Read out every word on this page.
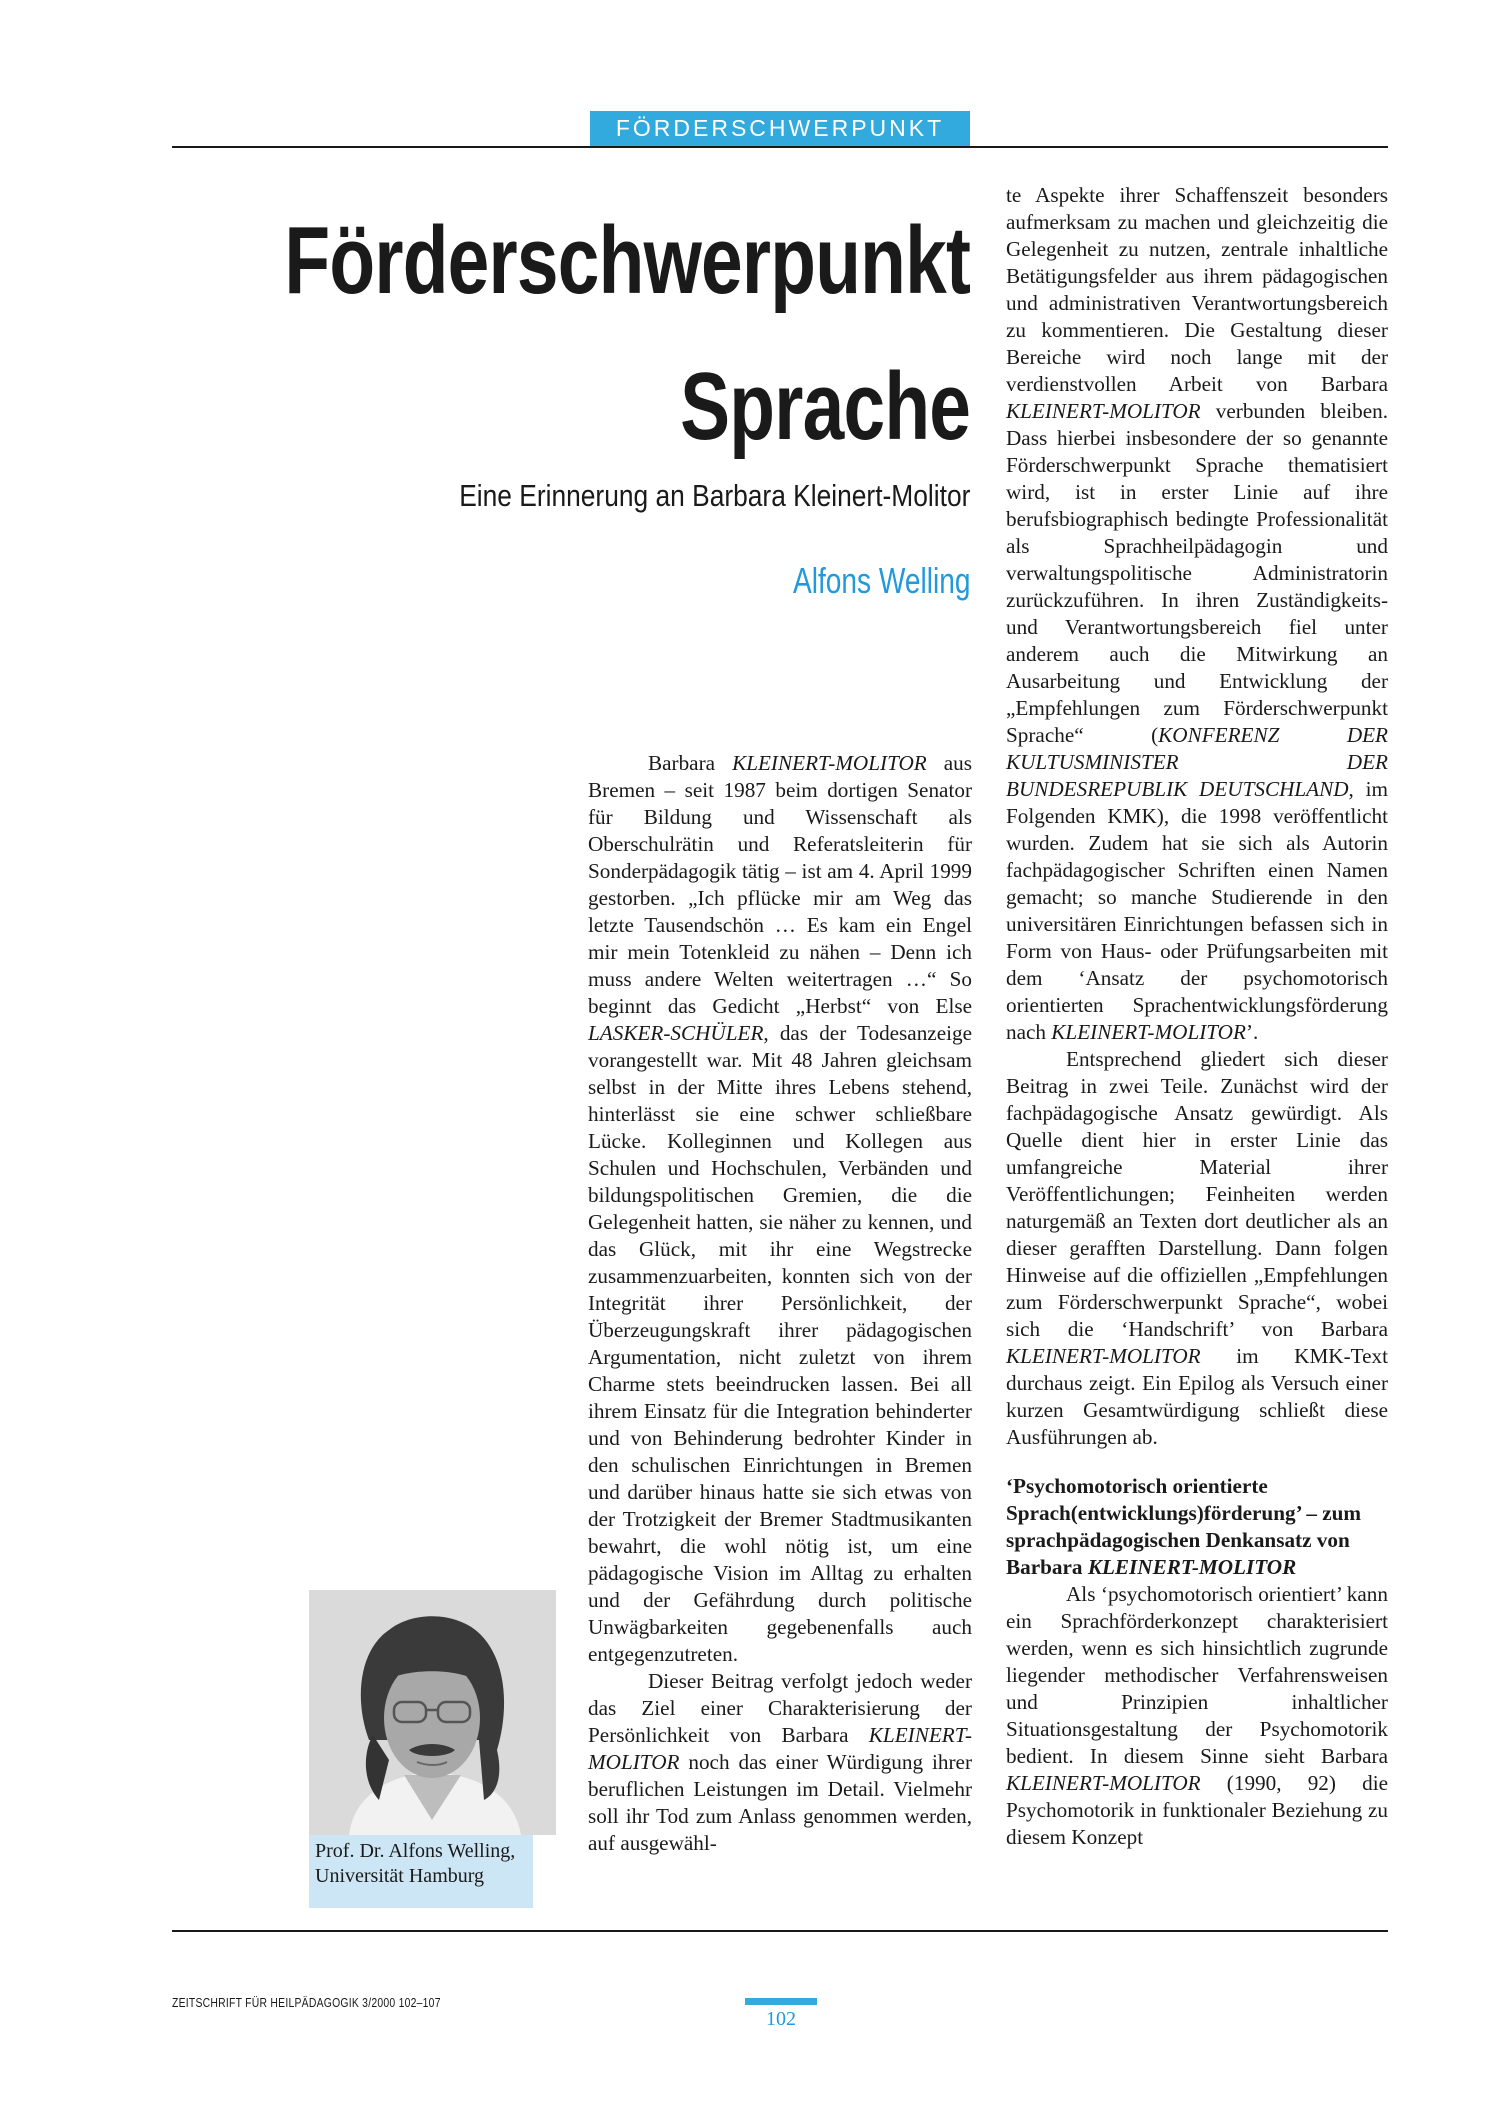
FÖRDERSCHWERPUNKT SPRACHE
Förderschwerpunkt
Sprache
Eine Erinnerung an Barbara Kleinert-Molitor
Alfons Welling

Barbara KLEINERT-MOLITOR aus Bremen – seit 1987 beim dortigen Senator für Bildung und Wissenschaft als Oberschulrätin und Referatsleiterin für Sonderpädagogik tätig – ist am 4. April 1999 gestorben. „Ich pflücke mir am Weg das letzte Tausendschön … Es kam ein Engel mir mein Totenkleid zu nähen – Denn ich muss andere Welten weitertragen …“ So beginnt das Gedicht „Herbst“ von Else LASKER-SCHÜLER, das der Todesanzeige vorangestellt war. Mit 48 Jahren gleichsam selbst in der Mitte ihres Lebens stehend, hinterlässt sie eine schwer schließbare Lücke. Kolleginnen und Kollegen aus Schulen und Hochschulen, Verbänden und bildungspolitischen Gremien, die die Gelegenheit hatten, sie näher zu kennen, und das Glück, mit ihr eine Wegstrecke zusammenzuarbeiten, konnten sich von der Integrität ihrer Persönlichkeit, der Überzeugungskraft ihrer pädagogischen Argumentation, nicht zuletzt von ihrem Charme stets beeindrucken lassen. Bei all ihrem Einsatz für die Integration behinderter und von Behinderung bedrohter Kinder in den schulischen Einrichtungen in Bremen und darüber hinaus hatte sie sich etwas von der Trotzigkeit der Bremer Stadtmusikanten bewahrt, die wohl nötig ist, um eine pädagogische Vision im Alltag zu erhalten und der Gefährdung durch politische Unwägbarkeiten gegebenenfalls auch entgegenzutreten.

Dieser Beitrag verfolgt jedoch weder das Ziel einer Charakterisierung der Persönlichkeit von Barbara KLEINERT-MOLITOR noch das einer Würdigung ihrer beruflichen Leistungen im Detail. Vielmehr soll ihr Tod zum Anlass genommen werden, auf ausgewähl-

te Aspekte ihrer Schaffenszeit besonders aufmerksam zu machen und gleichzeitig die Gelegenheit zu nutzen, zentrale inhaltliche Betätigungsfelder aus ihrem pädagogischen und administrativen Verantwortungsbereich zu kommentieren. Die Gestaltung dieser Bereiche wird noch lange mit der verdienstvollen Arbeit von Barbara KLEINERT-MOLITOR verbunden bleiben. Dass hierbei insbesondere der so genannte Förderschwerpunkt Sprache thematisiert wird, ist in erster Linie auf ihre berufsbiographisch bedingte Professionalität als Sprachheilpädagogin und verwaltungspolitische Administratorin zurückzuführen. In ihren Zuständigkeits- und Verantwortungsbereich fiel unter anderem auch die Mitwirkung an Ausarbeitung und Entwicklung der „Empfehlungen zum Förderschwerpunkt Sprache“ (KONFERENZ DER KULTUSMINISTER DER BUNDESREPUBLIK DEUTSCHLAND, im Folgenden KMK), die 1998 veröffentlicht wurden. Zudem hat sie sich als Autorin fachpädagogischer Schriften einen Namen gemacht; so manche Studierende in den universitären Einrichtungen befassen sich in Form von Haus- oder Prüfungsarbeiten mit dem ‘Ansatz der psychomotorisch orientierten Sprachentwicklungsförderung nach KLEINERT-MOLITOR’.

Entsprechend gliedert sich dieser Beitrag in zwei Teile. Zunächst wird der fachpädagogische Ansatz gewürdigt. Als Quelle dient hier in erster Linie das umfangreiche Material ihrer Veröffentlichungen; Feinheiten werden naturgemäß an Texten dort deutlicher als an dieser gerafften Darstellung. Dann folgen Hinweise auf die offiziellen „Empfehlungen zum Förderschwerpunkt Sprache“, wobei sich die ‘Handschrift’ von Barbara KLEINERT-MOLITOR im KMK-Text durchaus zeigt. Ein Epilog als Versuch einer kurzen Gesamtwürdigung schließt diese Ausführungen ab.

‘Psychomotorisch orientierte Sprach(entwicklungs)förderung’ – zum sprachpädagogischen Denkansatz von Barbara KLEINERT-MOLITOR

Als ‘psychomotorisch orientiert’ kann ein Sprachförderkonzept charakterisiert werden, wenn es sich hinsichtlich zugrunde liegender methodischer Verfahrensweisen und Prinzipien inhaltlicher Situationsgestaltung der Psychomotorik bedient. In diesem Sinne sieht Barbara KLEINERT-MOLITOR (1990, 92) die Psychomotorik in funktionaler Beziehung zu diesem Konzept

Prof. Dr. Alfons Welling,
Universität Hamburg
ZEITSCHRIFT FÜR HEILPÄDAGOGIK 3/2000 102–107
102
